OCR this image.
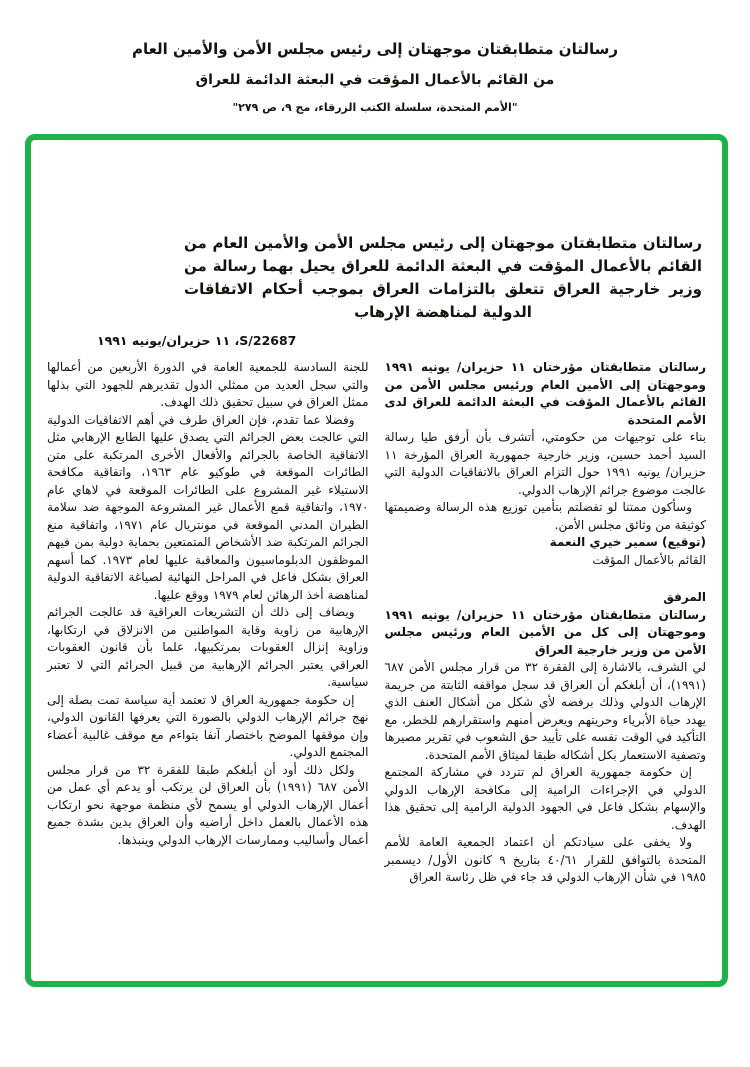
رسالتان متطابقتان موجهتان إلى رئيس مجلس الأمن والأمين العام
من القائم بالأعمال المؤقت في البعثة الدائمة للعراق
"الأمم المتحدة، سلسلة الكتب الزرقاء، مج ٩، ص ٢٧٩"
رسالتان متطابقتان موجهتان إلى رئيس مجلس الأمن والأمين العام من القائم بالأعمال المؤقت في البعثة الدائمة للعراق يحيل بهما رسالة من وزير خارجية العراق تتعلق بالتزامات العراق بموجب أحكام الاتفاقات الدولية لمناهضة الإرهاب
S/22687، ١١ حزيران/يونيه ١٩٩١

رسالتان متطابقتان مؤرختان ١١ حزيران/ يونيه ١٩٩١ وموجهتان إلى الأمين العام ورئيس مجلس الأمن من القائم بالأعمال المؤقت في البعثة الدائمة للعراق لدى الأمم المتحدة

بناء على توجيهات من حكومتي، أتشرف بأن أرفق طيا رسالة السيد أحمد حسين، وزير خارجية جمهورية العراق المؤرخة ١١ حزيران/ يونيه ١٩٩١ حول التزام العراق بالاتفاقيات الدولية التي عالجت موضوع جرائم الإرهاب الدولي.

وسأكون ممتنا لو تفضلتم بتأمين توزيع هذه الرسالة وضميمتها كوثيقة من وثائق مجلس الأمن.

(توقيع) سمير خيري النعمة

القائم بالأعمال المؤقت

المرفق

رسالتان متطابقتان مؤرختان ١١ حزيران/ يونيه ١٩٩١ وموجهتان إلى كل من الأمين العام ورئيس مجلس الأمن من وزير خارجية العراق

لي الشرف، بالاشارة إلى الفقرة ٣٢ من قرار مجلس الأمن ٦٨٧ (١٩٩١)، أن أبلغكم أن العراق قد سجل مواقفه الثابتة من جريمة الإرهاب الدولي وذلك برفضه لأي شكل من أشكال العنف الذي يهدد حياة الأبرياء وحريتهم ويعرض أمنهم واستقرارهم للخطر، مع التأكيد في الوقت نفسه على تأييد حق الشعوب في تقرير مصيرها وتصفية الاستعمار بكل أشكاله طبقا لميثاق الأمم المتحدة.

إن حكومة جمهورية العراق لم تتردد في مشاركة المجتمع الدولي في الإجراءات الرامية إلى مكافحة الإرهاب الدولي والإسهام بشكل فاعل في الجهود الدولية الرامية إلى تحقيق هذا الهدف.

ولا يخفى على سيادتكم أن اعتماد الجمعية العامة للأمم المتحدة بالتوافق للقرار ٤٠/٦١ بتاريخ ٩ كانون الأول/ ديسمبر ١٩٨٥ في شأن الإرهاب الدولي قد جاء في ظل رئاسة العراق

للجنة السادسة للجمعية العامة في الدورة الأربعين من أعمالها والتي سجل العديد من ممثلي الدول تقديرهم للجهود التي بذلها ممثل العراق في سبيل تحقيق ذلك الهدف.

وفضلا عما تقدم، فإن العراق طرف في أهم الاتفاقيات الدولية التي عالجت بعض الجرائم التي يصدق عليها الطابع الإرهابي مثل الاتفاقية الخاصة بالجرائم والأفعال الأخرى المرتكبة على متن الطائرات الموقعة في طوكيو عام ١٩٦٣، واتفاقية مكافحة الاستيلاء غير المشروع على الطائرات الموقعة في لاهاي عام ١٩٧٠، واتفاقية قمع الأعمال غير المشروعة الموجهة ضد سلامة الطيران المدني الموقعة في مونتريال عام ١٩٧١، واتفاقية منع الجرائم المرتكبة ضد الأشخاص المتمتعين بحماية دولية بمن فيهم الموظفون الدبلوماسيون والمعاقبة عليها لعام ١٩٧٣. كما أسهم العراق بشكل فاعل في المراحل النهائية لصياغة الاتفاقية الدولية لمناهضة أخذ الرهائن لعام ١٩٧٩ ووقع عليها.

ويضاف إلى ذلك أن التشريعات العراقية قد عالجت الجرائم الإرهابية من زاوية وقاية المواطنين من الانزلاق في ارتكابها، وزاوية إنزال العقوبات بمرتكبيها، علما بأن قانون العقوبات العراقي يعتبر الجرائم الإرهابية من قبيل الجرائم التي لا تعتبر سياسية.

إن حكومة جمهورية العراق لا تعتمد أية سياسة تمت بصلة إلى نهج جرائم الإرهاب الدولي بالصورة التي يعرفها القانون الدولي، وإن موقفها الموضح باختصار آنفا يتواءم مع موقف غالبية أعضاء المجتمع الدولي.

ولكل ذلك أود أن أبلغكم طبقا للفقرة ٣٢ من قرار مجلس الأمن ٦٨٧ (١٩٩١) بأن العراق لن يرتكب أو يدعم أي عمل من أعمال الإرهاب الدولي أو يسمح لأي منظمة موجهة نحو ارتكاب هذه الأعمال بالعمل داخل أراضيه وأن العراق يدين بشدة جميع أعمال وأساليب وممارسات الإرهاب الدولي وينبذها.
